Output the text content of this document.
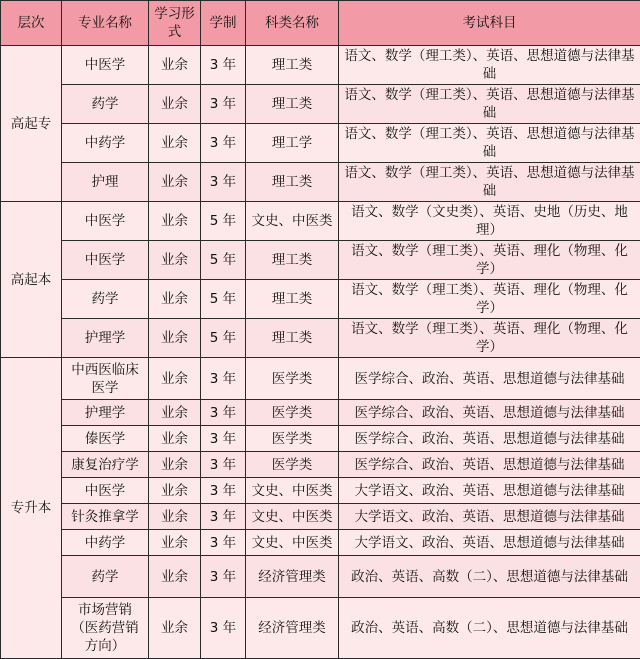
层次	专业名称	学习形式	学制	科类名称	考试科目
高起专	中医学	业余	3 年	理工类	语文、数学（理工类）、英语、思想道德与法律基础
	药学	业余	3 年	理工类	语文、数学（理工类）、英语、思想道德与法律基础
	中药学	业余	3 年	理工学	语文、数学（理工类）、英语、思想道德与法律基础
	护理	业余	3 年	理工类	语文、数学（理工类）、英语、思想道德与法律基础
高起本	中医学	业余	5 年	文史、中医类	语文、数学（文史类）、英语、史地（历史、地理）
	中医学	业余	5 年	理工类	语文、数学（理工类）、英语、理化（物理、化学）
	药学	业余	5 年	理工类	语文、数学（理工类）、英语、理化（物理、化学）
	护理学	业余	5 年	理工类	语文、数学（理工类）、英语、理化（物理、化学）
专升本	中西医临床医学	业余	3 年	医学类	医学综合、政治、英语、思想道德与法律基础
	护理学	业余	3 年	医学类	医学综合、政治、英语、思想道德与法律基础
	傣医学	业余	3 年	医学类	医学综合、政治、英语、思想道德与法律基础
	康复治疗学	业余	3 年	医学类	医学综合、政治、英语、思想道德与法律基础
	中医学	业余	3 年	文史、中医类	大学语文、政治、英语、思想道德与法律基础
	针灸推拿学	业余	3 年	文史、中医类	大学语文、政治、英语、思想道德与法律基础
	中药学	业余	3 年	文史、中医类	大学语文、政治、英语、思想道德与法律基础
	药学	业余	3 年	经济管理类	政治、英语、高数（二）、思想道德与法律基础
	市场营销（医药营销方向）	业余	3 年	经济管理类	政治、英语、高数（二）、思想道德与法律基础
